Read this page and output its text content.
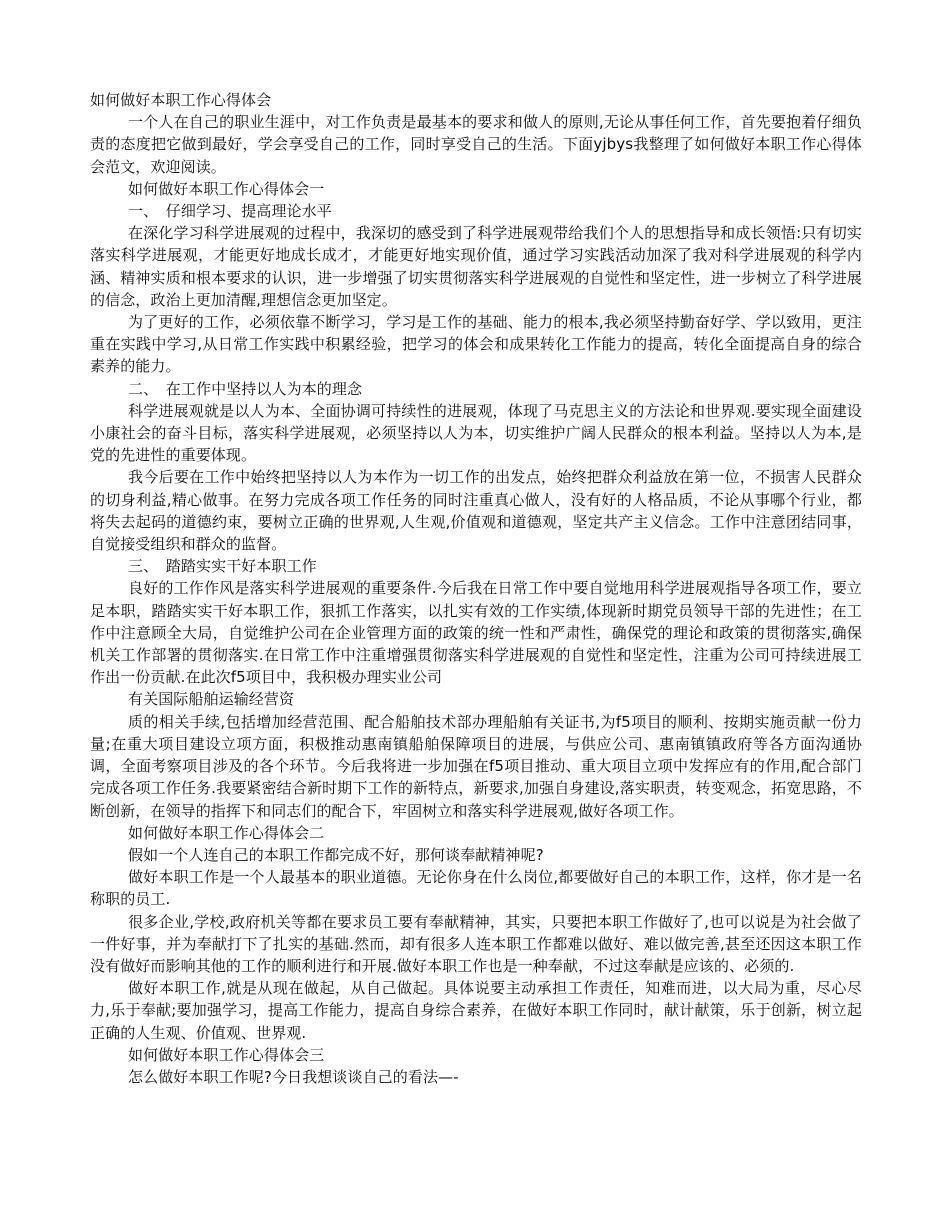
如何做好本职工作心得体会

一个人在自己的职业生涯中，对工作负责是最基本的要求和做人的原则,无论从事任何工作，首先要抱着仔细负责的态度把它做到最好，学会享受自己的工作，同时享受自己的生活。下面yjbys我整理了如何做好本职工作心得体会范文，欢迎阅读。

如何做好本职工作心得体会一

一、　仔细学习、提高理论水平

在深化学习科学进展观的过程中，我深切的感受到了科学进展观带给我们个人的思想指导和成长领悟:只有切实落实科学进展观，才能更好地成长成才，才能更好地实现价值，通过学习实践活动加深了我对科学进展观的科学内涵、精神实质和根本要求的认识，进一步增强了切实贯彻落实科学进展观的自觉性和坚定性，进一步树立了科学进展的信念，政治上更加清醒,理想信念更加坚定。

为了更好的工作，必须依靠不断学习，学习是工作的基础、能力的根本,我必须坚持勤奋好学、学以致用，更注重在实践中学习,从日常工作实践中积累经验，把学习的体会和成果转化工作能力的提高，转化全面提高自身的综合素养的能力。

二、　在工作中坚持以人为本的理念

科学进展观就是以人为本、全面协调可持续性的进展观，体现了马克思主义的方法论和世界观.要实现全面建设小康社会的奋斗目标，落实科学进展观，必须坚持以人为本，切实维护广阔人民群众的根本利益。坚持以人为本,是党的先进性的重要体现。

我今后要在工作中始终把坚持以人为本作为一切工作的出发点，始终把群众利益放在第一位，不损害人民群众的切身利益,精心做事。在努力完成各项工作任务的同时注重真心做人，没有好的人格品质，不论从事哪个行业，都将失去起码的道德约束，要树立正确的世界观,人生观,价值观和道德观，坚定共产主义信念。工作中注意团结同事，自觉接受组织和群众的监督。

三、　踏踏实实干好本职工作

良好的工作作风是落实科学进展观的重要条件.今后我在日常工作中要自觉地用科学进展观指导各项工作，要立足本职，踏踏实实干好本职工作，狠抓工作落实，以扎实有效的工作实绩,体现新时期党员领导干部的先进性；在工作中注意顾全大局，自觉维护公司在企业管理方面的政策的统一性和严肃性，确保党的理论和政策的贯彻落实,确保机关工作部署的贯彻落实.在日常工作中注重增强贯彻落实科学进展观的自觉性和坚定性，注重为公司可持续进展工作出一份贡献.在此次f5项目中，我积极办理实业公司

有关国际船舶运输经营资

质的相关手续,包括增加经营范围、配合船舶技术部办理船舶有关证书,为f5项目的顺利、按期实施贡献一份力量;在重大项目建设立项方面，积极推动惠南镇船舶保障项目的进展，与供应公司、惠南镇镇政府等各方面沟通协调，全面考察项目涉及的各个环节。今后我将进一步加强在f5项目推动、重大项目立项中发挥应有的作用,配合部门完成各项工作任务.我要紧密结合新时期下工作的新特点，新要求,加强自身建设,落实职责，转变观念，拓宽思路，不断创新，在领导的指挥下和同志们的配合下，牢固树立和落实科学进展观,做好各项工作。

如何做好本职工作心得体会二

假如一个人连自己的本职工作都完成不好，那何谈奉献精神呢?

做好本职工作是一个人最基本的职业道德。无论你身在什么岗位,都要做好自己的本职工作，这样，你才是一名称职的员工.

很多企业,学校,政府机关等都在要求员工要有奉献精神，其实，只要把本职工作做好了,也可以说是为社会做了一件好事，并为奉献打下了扎实的基础.然而，却有很多人连本职工作都难以做好、难以做完善,甚至还因这本职工作没有做好而影响其他的工作的顺利进行和开展.做好本职工作也是一种奉献，不过这奉献是应该的、必须的.

做好本职工作,就是从现在做起，从自己做起。具体说要主动承担工作责任，知难而进，以大局为重，尽心尽力,乐于奉献;要加强学习，提高工作能力，提高自身综合素养，在做好本职工作同时，献计献策，乐于创新，树立起正确的人生观、价值观、世界观.

如何做好本职工作心得体会三

怎么做好本职工作呢?今日我想谈谈自己的看法—-
